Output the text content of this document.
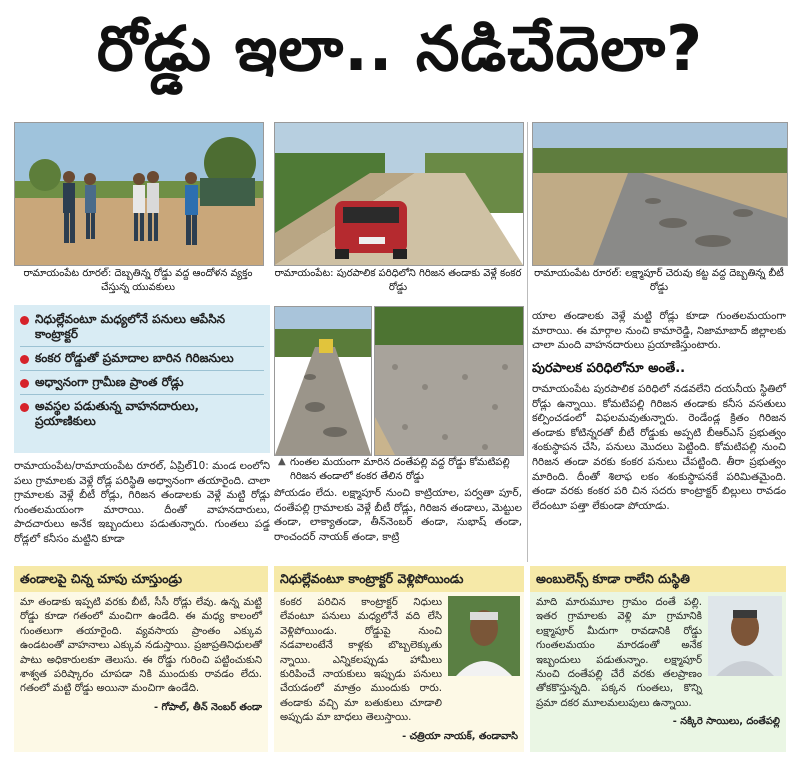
రోడ్డు ఇలా.. నడిచేదెలా?
రామాయంపేట రూరల్‌: దెబ్బతిన్న రోడ్డు వద్ద ఆందోళన వ్యక్తం చేస్తున్న యువకులు
రామాయంపేట: పురపాలిక పరిధిలోని గిరిజన తండాకు వెళ్లే కంకర రోడ్డు
రామాయంపేట రూరల్‌: లక్ష్మాపూర్‌ చెరువు కట్ట వద్ద దెబ్బతిన్న బీటీ రోడ్డు
నిధుల్లేవంటూ మధ్యలోనే పనులు ఆపేసిన కాంట్రాక్టర్‌
కంకర రోడ్డుతో ప్రమాదాల బారిన గిరిజనులు
అధ్వానంగా గ్రామీణ ప్రాంత రోడ్లు
అవస్థల పడుతున్న వాహనదారులు, ప్రయాణికులు
▲ గుంతల మయంగా మారిన దంతేపల్లి వద్ద రోడ్డు కోమటిపల్లి గిరిజన తండాలో కంకర తేలిన రోడ్డు
రామాయంపేట/రామాయంపేట రూరల్‌, ఏప్రిల్‌10: మండ లంలోని పలు గ్రామాలకు వెళ్లే రోడ్ల పరిస్థితి అధ్వానంగా తయారైంది. చాలా గ్రామాలకు వెళ్లే బీటీ రోడ్లు, గిరిజన తండాలకు వెళ్లే మట్టి రోడ్లు గుంతలమయంగా మారాయి. దీంతో వాహనదారులు, పాదచారులు అనేక ఇబ్బందులు పడుతున్నారు. గుంతలు పడ్డ రోడ్లలో కనీసం మట్టిని కూడా
పోయడం లేదు. లక్ష్మాపూర్‌ నుంచి కాట్రియాల, పర్వతా పూర్‌, దంతేపల్లి గ్రామాలకు వెళ్లే బీటీ రోడ్లు, గిరిజన తండాలు, మెట్టుల తండా, లాక్యాతండా, తీన్‌నెంబర్‌ తండా, సుభాష్‌ తండా, రాంచందర్‌ నాయక్‌ తండా, కాట్రి
యాల తండాలకు వెళ్లే మట్టి రోడ్లు కూడా గుంతలమయంగా మారాయి. ఈ మార్గాల నుంచి కామారెడ్డి, నిజామాబాద్‌ జిల్లాలకు చాలా మంది వాహనదారులు ప్రయాణిస్తుంటారు.
పురపాలక పరిధిలోనూ అంతే..
రామాయంపేట పురపాలిక పరిధిలో నడవలేని దయనీయ స్థితిలో రోడ్లు ఉన్నాయి. కోమటిపల్లి గిరిజన తండాకు కనీస వసతులు కల్పించడంలో విఫలమవుతున్నారు. రెండేండ్ల క్రితం గిరిజన తండాకు కోటిన్నరతో బీటీ రోడ్డుకు అప్పటి బీఆర్‌ఎస్‌ ప్రభుత్వం శంకుస్థాపన చేసి, పనులు మొదలు పెట్టింది. కోమటిపల్లి నుంచి గిరిజన తండా వరకు కంకర పనులు చేపట్టింది. తీరా ప్రభుత్వం మారింది. దీంతో శిలాఫ లకం శంకుస్థాపనకే పరిమితమైంది. తండా వరకు కంకర పరి చిన సదరు కాంట్రాక్టర్‌ బిల్లులు రావడం లేదంటూ పత్తా లేకుండా పోయాడు.
తండాలపై చిన్న చూపు చూస్తుండ్రు
మా తండాకు ఇప్పటి వరకు బీటీ, సీసీ రోడ్లు లేవు. ఉన్న మట్టి రోడ్డు కూడా గతంలో మంచిగా ఉండేది. ఈ మధ్య కాలంలో గుంతలుగా తయారైంది. వ్యవసాయ ప్రాంతం ఎక్కువ ఉండటంతో వాహనాలు ఎక్కువ నడుస్తాయి. ప్రజాప్రతినిధులతో పాటు అధికారులకూ తెలుసు. ఈ రోడ్డు గురించి పట్టించుకుని శాశ్వత పరిష్కారం చూపడా నికి ముందుకు రావడం లేదు. గతంలో మట్టి రోడ్డు అయినా మంచిగా ఉండేది.
- గోపాల్‌, తీన్‌ నెంబర్‌ తండా
నిధుల్లేవంటూ కాంట్రాక్టర్‌ వెళ్లిపోయిండు
కంకర పరిచిన కాంట్రాక్టర్‌ నిధులు లేవంటూ పనులు మధ్యలోనే వది లేసి వెళ్లిపోయిండు. రోడ్డుపై నుంచి నడవాలంటేనే కాళ్లకు బొబ్బలెక్కుతు న్నాయి. ఎన్నికలప్పుడు హామీలు కురిపించే నాయకులు ఇప్పుడు పనులు చేయడంలో మాత్రం ముందుకు రారు. తండాకు వచ్చి మా బతుకులు చూడాలి అప్పుడు మా బాధలు తెలుస్తాయి.
- చత్రియా నాయక్‌, తండావాసి
అంబులెన్స్‌ కూడా రాలేని దుస్థితి
మాది మారుమూల గ్రామం దంతే పల్లి. ఇతర గ్రామాలకు వెళ్లి మా గ్రామానికి లక్ష్మాపూర్‌ మీదుగా రావడానికి రోడ్డు గుంతలమయం మారడంతో అనేక ఇబ్బందులు పడుతున్నాం. లక్ష్మాపూర్‌ నుంచి దంతేపల్లి చేరే వరకు తలప్రాణం తోకకొస్తున్నది. పక్కన గుంతలు, కొన్ని ప్రమా దకర మూలమలుపులు ఉన్నాయి.
- నక్కిరె సాయిలు, దంతేపల్లి
